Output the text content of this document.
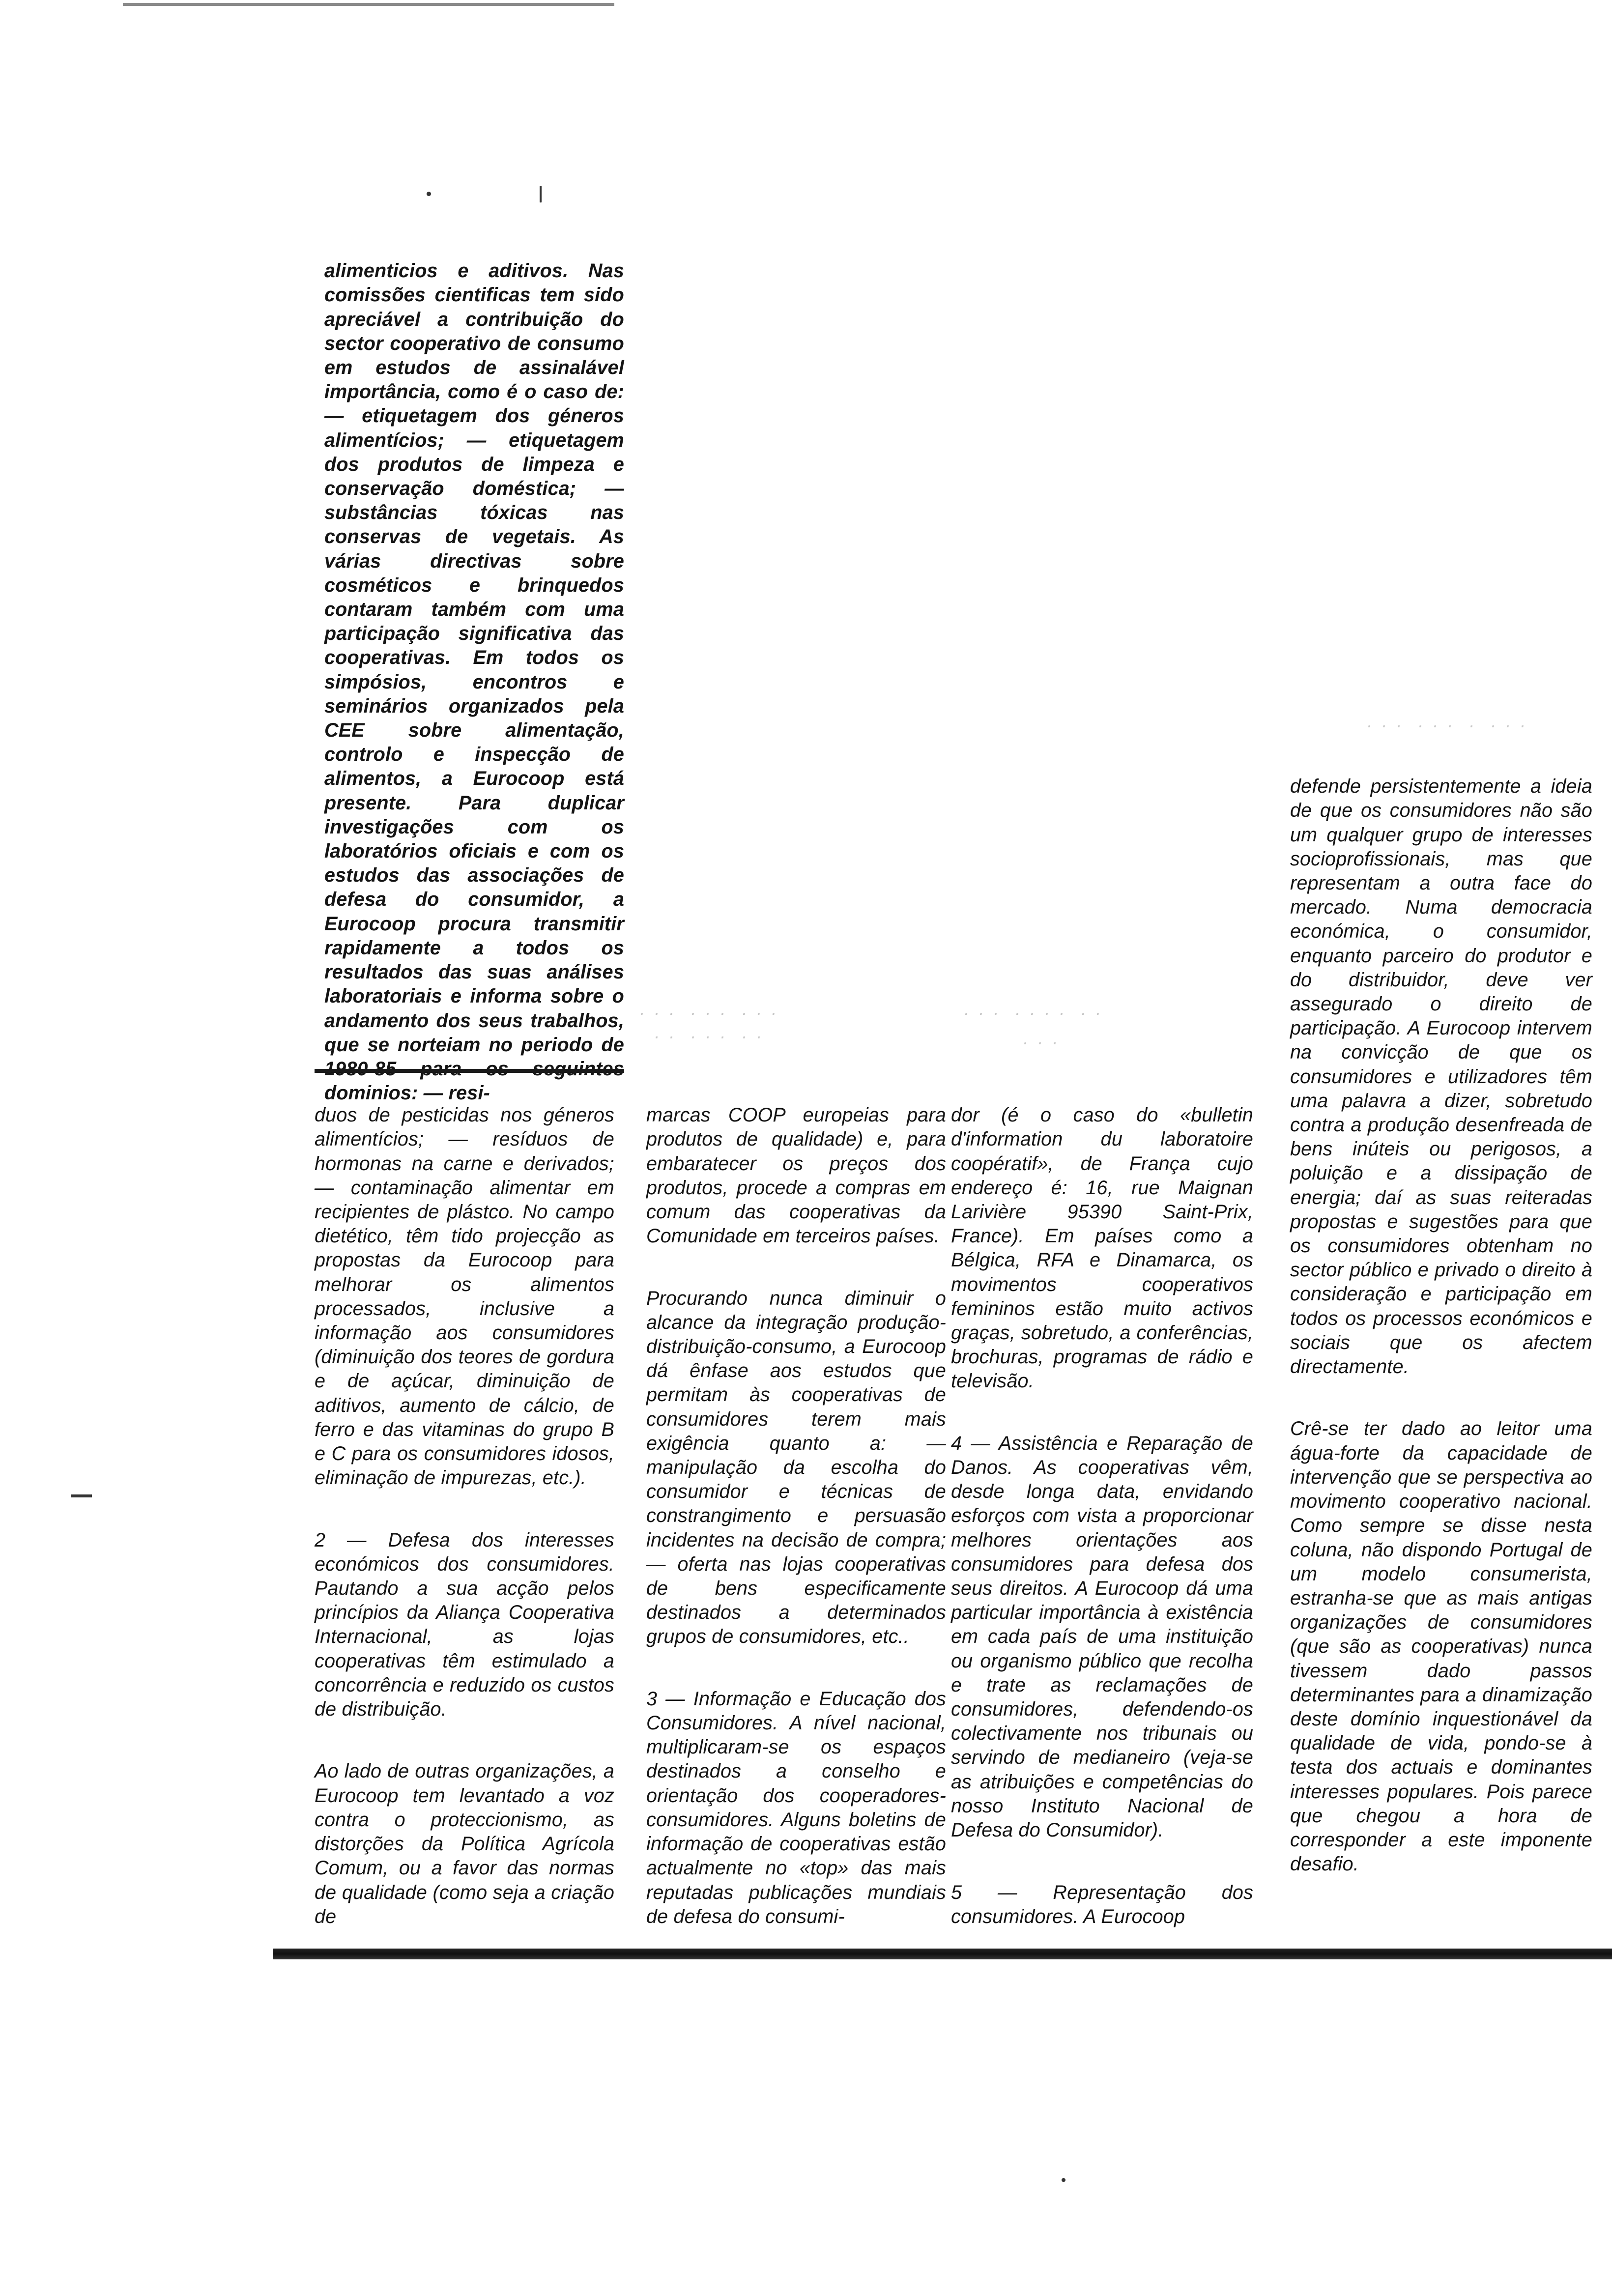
alimenticios e aditivos. Nas comissões cientificas tem sido apreciável a contribuição do sector cooperativo de consumo em estudos de assinalável importância, como é o caso de: — etiquetagem dos géneros alimentícios; — etiquetagem dos produtos de limpeza e conservação doméstica; — substâncias tóxicas nas conservas de vegetais. As várias directivas sobre cosméticos e brinquedos contaram também com uma participação significativa das cooperativas. Em todos os simpósios, encontros e seminários organizados pela CEE sobre alimentação, controlo e inspecção de alimentos, a Eurocoop está presente. Para duplicar investigações com os laboratórios oficiais e com os estudos das associações de defesa do consumidor, a Eurocoop procura transmitir rapidamente a todos os resultados das suas análises laboratoriais e informa sobre o andamento dos seus trabalhos, que se norteiam no periodo de dominios: — resi-

duos de pesticidas nos géneros alimentícios; — resíduos de hormonas na carne e derivados; — contaminação alimentar em recipientes de plástco. No campo dietético, têm tido projecção as propostas da Eurocoop para melhorar os alimentos processados, inclusive a informação aos consumidores (diminuição dos teores de gordura e de açúcar, diminuição de aditivos, aumento de cálcio, de ferro e das vitaminas do grupo B e C para os consumidores idosos, eliminação de impurezas, etc.).

2 — Defesa dos interesses económicos dos consumidores. Pautando a sua acção pelos princípios da Aliança Cooperativa Internacional, as lojas cooperativas têm estimulado a concorrência e reduzido os custos de distribuição.

Ao lado de outras organizações, a Eurocoop tem levantado a voz contra o proteccionismo, as distorções da Política Agrícola Comum, ou a favor das normas de qualidade (como seja a criação de

· · ·  · · ·  · · ·
· ·  · · ·  · ·
· · ·  · · · ·  · ·
· · ·
· · ·  · · ·  ·  · · ·

marcas COOP europeias para produtos de qualidade) e, para embaratecer os preços dos produtos, procede a compras em comum das cooperativas da Comunidade em terceiros países.

Procurando nunca diminuir o alcance da integração produção-distribuição-consumo, a Eurocoop dá ênfase aos estudos que permitam às cooperativas de consumidores terem mais exigência quanto a: — manipulação da escolha do consumidor e técnicas de constrangimento e persuasão incidentes na decisão de compra; — oferta nas lojas cooperativas de bens especificamente destinados a determinados grupos de consumidores, etc..

3 — Informação e Educação dos Consumidores. A nível nacional, multiplicaram-se os espaços destinados a conselho e orientação dos cooperadores-consumidores. Alguns boletins de informação de cooperativas estão actualmente no «top» das mais reputadas publicações mundiais de defesa do consumi-

dor (é o caso do «bulletin d'information du laboratoire coopératif», de França cujo endereço é: 16, rue Maignan Larivière 95390 Saint-Prix, France). Em países como a Bélgica, RFA e Dinamarca, os movimentos cooperativos femininos estão muito activos graças, sobretudo, a conferências, brochuras, programas de rádio e televisão.

4 — Assistência e Reparação de Danos. As cooperativas vêm, desde longa data, envidando esforços com vista a proporcionar melhores orientações aos consumidores para defesa dos seus direitos. A Eurocoop dá uma particular importância à existência em cada país de uma instituição ou organismo público que recolha e trate as reclamações de consumidores, defendendo-os colectivamente nos tribunais ou servindo de medianeiro (veja-se as atribuições e competências do nosso Instituto Nacional de Defesa do Consumidor).

5 — Representação dos consumidores. A Eurocoop

defende persistentemente a ideia de que os consumidores não são um qualquer grupo de interesses socioprofissionais, mas que representam a outra face do mercado. Numa democracia económica, o consumidor, enquanto parceiro do produtor e do distribuidor, deve ver assegurado o direito de participação. A Eurocoop intervem na convicção de que os consumidores e utilizadores têm uma palavra a dizer, sobretudo contra a produção desenfreada de bens inúteis ou perigosos, a poluição e a dissipação de energia; daí as suas reiteradas propostas e sugestões para que os consumidores obtenham no sector público e privado o direito à consideração e participação em todos os processos económicos e sociais que os afectem directamente.

Crê-se ter dado ao leitor uma água-forte da capacidade de intervenção que se perspectiva ao movimento cooperativo nacional. Como sempre se disse nesta coluna, não dispondo Portugal de um modelo consumerista, estranha-se que as mais antigas organizações de consumidores (que são as cooperativas) nunca tivessem dado passos determinantes para a dinamização deste domínio inquestionável da qualidade de vida, pondo-se à testa dos actuais e dominantes interesses populares. Pois parece que chegou a hora de corresponder a este imponente desafio.
